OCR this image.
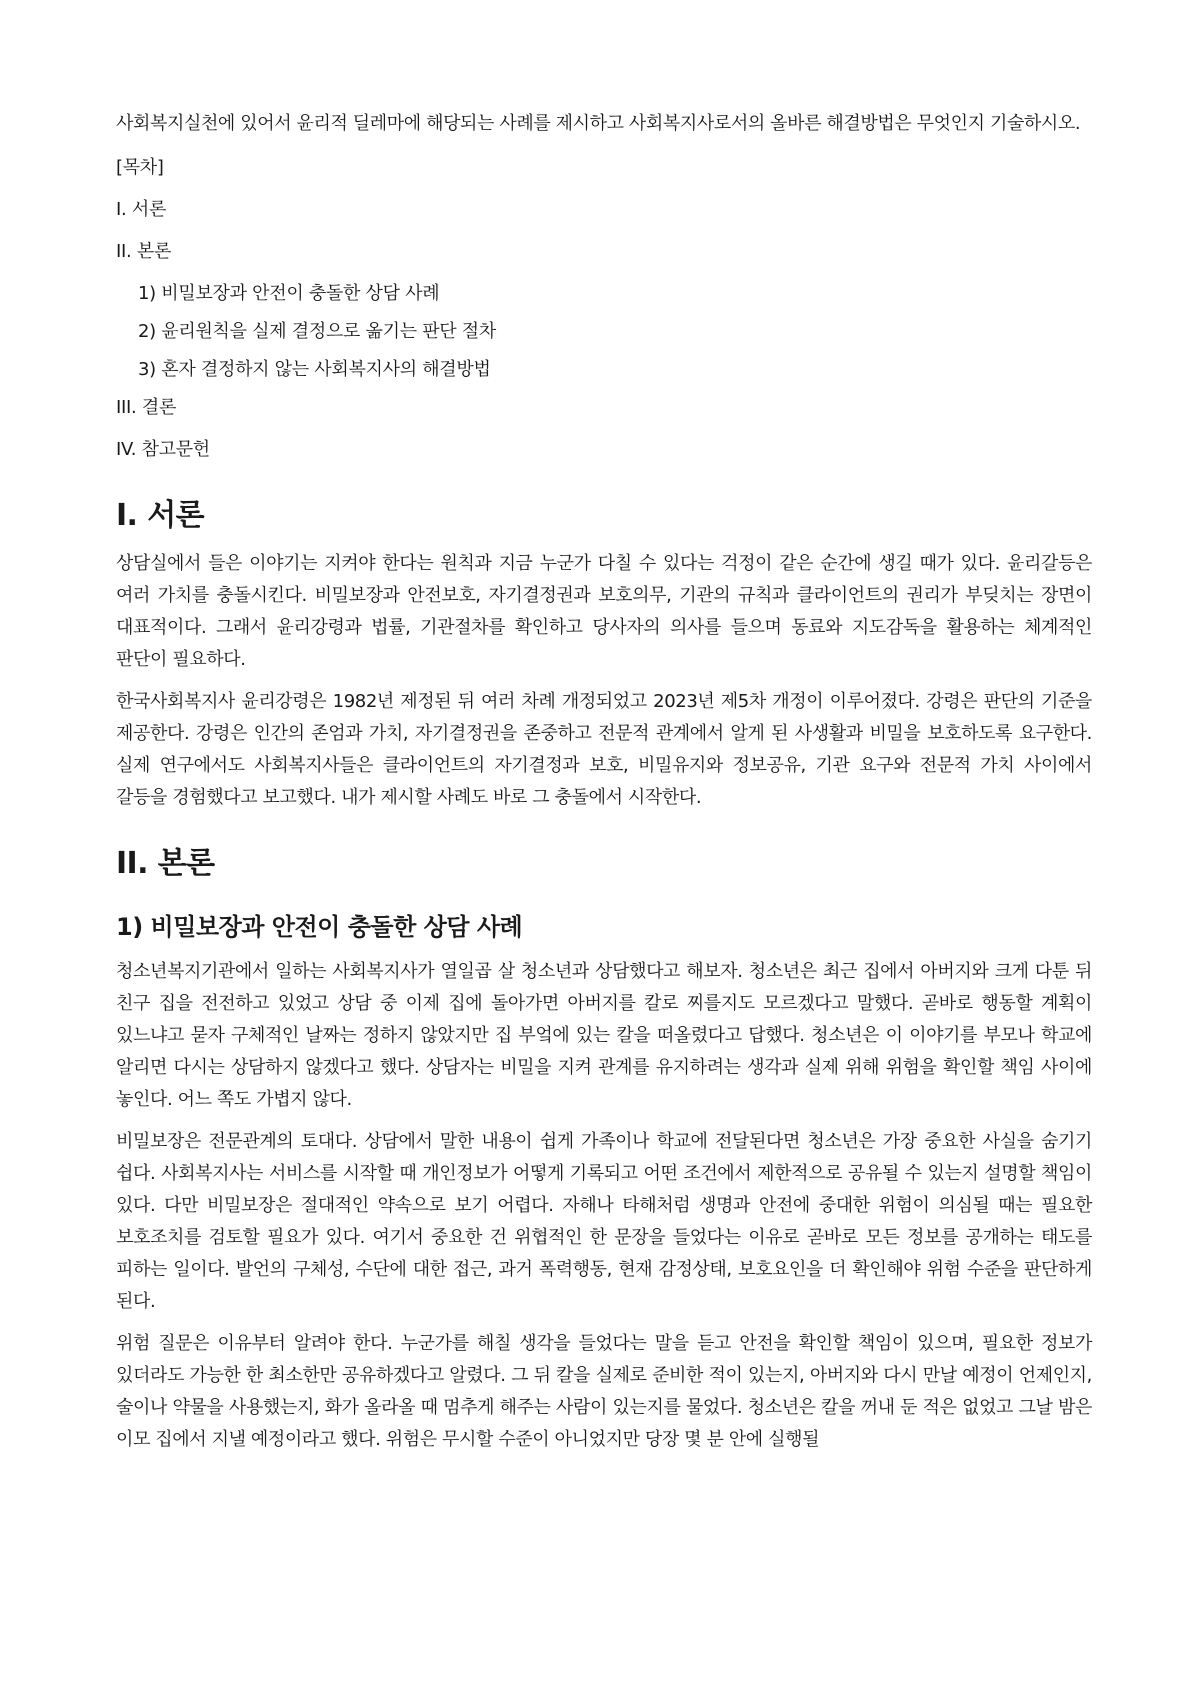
사회복지실천에 있어서 윤리적 딜레마에 해당되는 사례를 제시하고 사회복지사로서의 올바른 해결방법은 무엇인지 기술하시오.

[목차]
I. 서론
II. 본론
1) 비밀보장과 안전이 충돌한 상담 사례
2) 윤리원칙을 실제 결정으로 옮기는 판단 절차
3) 혼자 결정하지 않는 사회복지사의 해결방법
III. 결론
IV. 참고문헌
I. 서론

상담실에서 들은 이야기는 지켜야 한다는 원칙과 지금 누군가 다칠 수 있다는 걱정이 같은 순간에 생길 때가 있다. 윤리갈등은 여러 가치를 충돌시킨다. 비밀보장과 안전보호, 자기결정권과 보호의무, 기관의 규칙과 클라이언트의 권리가 부딪치는 장면이 대표적이다. 그래서 윤리강령과 법률, 기관절차를 확인하고 당사자의 의사를 들으며 동료와 지도감독을 활용하는 체계적인 판단이 필요하다.

한국사회복지사 윤리강령은 1982년 제정된 뒤 여러 차례 개정되었고 2023년 제5차 개정이 이루어졌다. 강령은 판단의 기준을 제공한다. 강령은 인간의 존엄과 가치, 자기결정권을 존중하고 전문적 관계에서 알게 된 사생활과 비밀을 보호하도록 요구한다. 실제 연구에서도 사회복지사들은 클라이언트의 자기결정과 보호, 비밀유지와 정보공유, 기관 요구와 전문적 가치 사이에서 갈등을 경험했다고 보고했다. 내가 제시할 사례도 바로 그 충돌에서 시작한다.

II. 본론
1) 비밀보장과 안전이 충돌한 상담 사례

청소년복지기관에서 일하는 사회복지사가 열일곱 살 청소년과 상담했다고 해보자. 청소년은 최근 집에서 아버지와 크게 다툰 뒤 친구 집을 전전하고 있었고 상담 중 이제 집에 돌아가면 아버지를 칼로 찌를지도 모르겠다고 말했다. 곧바로 행동할 계획이 있느냐고 묻자 구체적인 날짜는 정하지 않았지만 집 부엌에 있는 칼을 떠올렸다고 답했다. 청소년은 이 이야기를 부모나 학교에 알리면 다시는 상담하지 않겠다고 했다. 상담자는 비밀을 지켜 관계를 유지하려는 생각과 실제 위해 위험을 확인할 책임 사이에 놓인다. 어느 쪽도 가볍지 않다.

비밀보장은 전문관계의 토대다. 상담에서 말한 내용이 쉽게 가족이나 학교에 전달된다면 청소년은 가장 중요한 사실을 숨기기 쉽다. 사회복지사는 서비스를 시작할 때 개인정보가 어떻게 기록되고 어떤 조건에서 제한적으로 공유될 수 있는지 설명할 책임이 있다. 다만 비밀보장은 절대적인 약속으로 보기 어렵다. 자해나 타해처럼 생명과 안전에 중대한 위험이 의심될 때는 필요한 보호조치를 검토할 필요가 있다. 여기서 중요한 건 위협적인 한 문장을 들었다는 이유로 곧바로 모든 정보를 공개하는 태도를 피하는 일이다. 발언의 구체성, 수단에 대한 접근, 과거 폭력행동, 현재 감정상태, 보호요인을 더 확인해야 위험 수준을 판단하게 된다.

위험 질문은 이유부터 알려야 한다. 누군가를 해칠 생각을 들었다는 말을 듣고 안전을 확인할 책임이 있으며, 필요한 정보가 있더라도 가능한 한 최소한만 공유하겠다고 알렸다. 그 뒤 칼을 실제로 준비한 적이 있는지, 아버지와 다시 만날 예정이 언제인지, 술이나 약물을 사용했는지, 화가 올라올 때 멈추게 해주는 사람이 있는지를 물었다. 청소년은 칼을 꺼내 둔 적은 없었고 그날 밤은 이모 집에서 지낼 예정이라고 했다. 위험은 무시할 수준이 아니었지만 당장 몇 분 안에 실행될
